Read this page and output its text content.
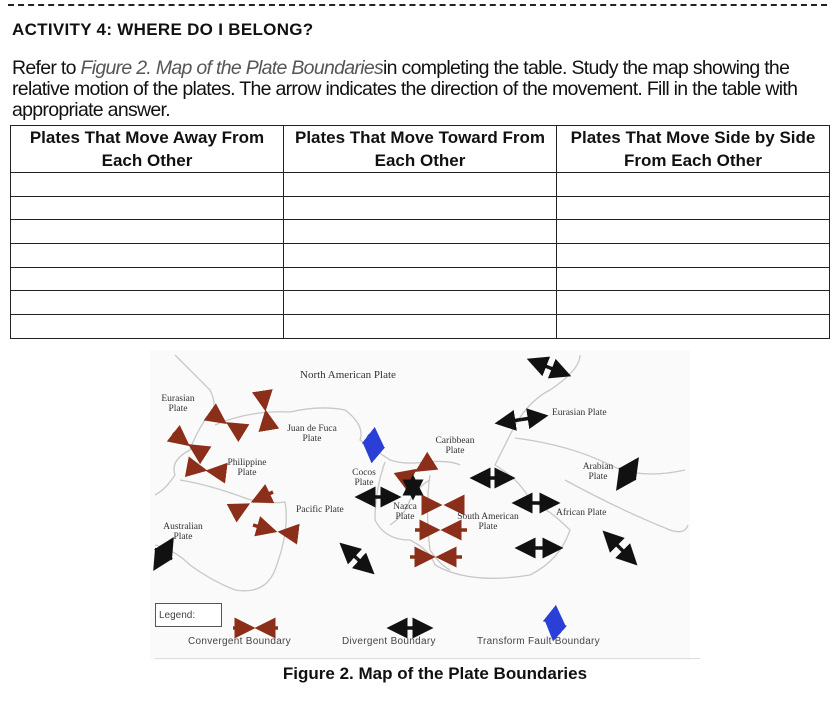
ACTIVITY 4: WHERE DO I BELONG?
Refer to Figure 2. Map of the Plate Boundariesin completing the table. Study the map showing the relative motion of the plates. The arrow indicates the direction of the movement. Fill in the table with appropriate answer.
Plates That Move Away From Each Other	Plates That Move Toward From Each Other	Plates That Move Side by Side From Each Other

North American Plate
Eurasian Plate
Juan de Fuca Plate
Philippine Plate	Cocos Plate
Caribbean Plate
Eurasian Plate
Arabian Plate
Pacific Plate	Nazca Plate	South American Plate
African Plate
Australian Plate
Legend:
Convergent Boundary	Divergent Boundary	Transform Fault Boundary
Figure 2. Map of the Plate Boundaries
